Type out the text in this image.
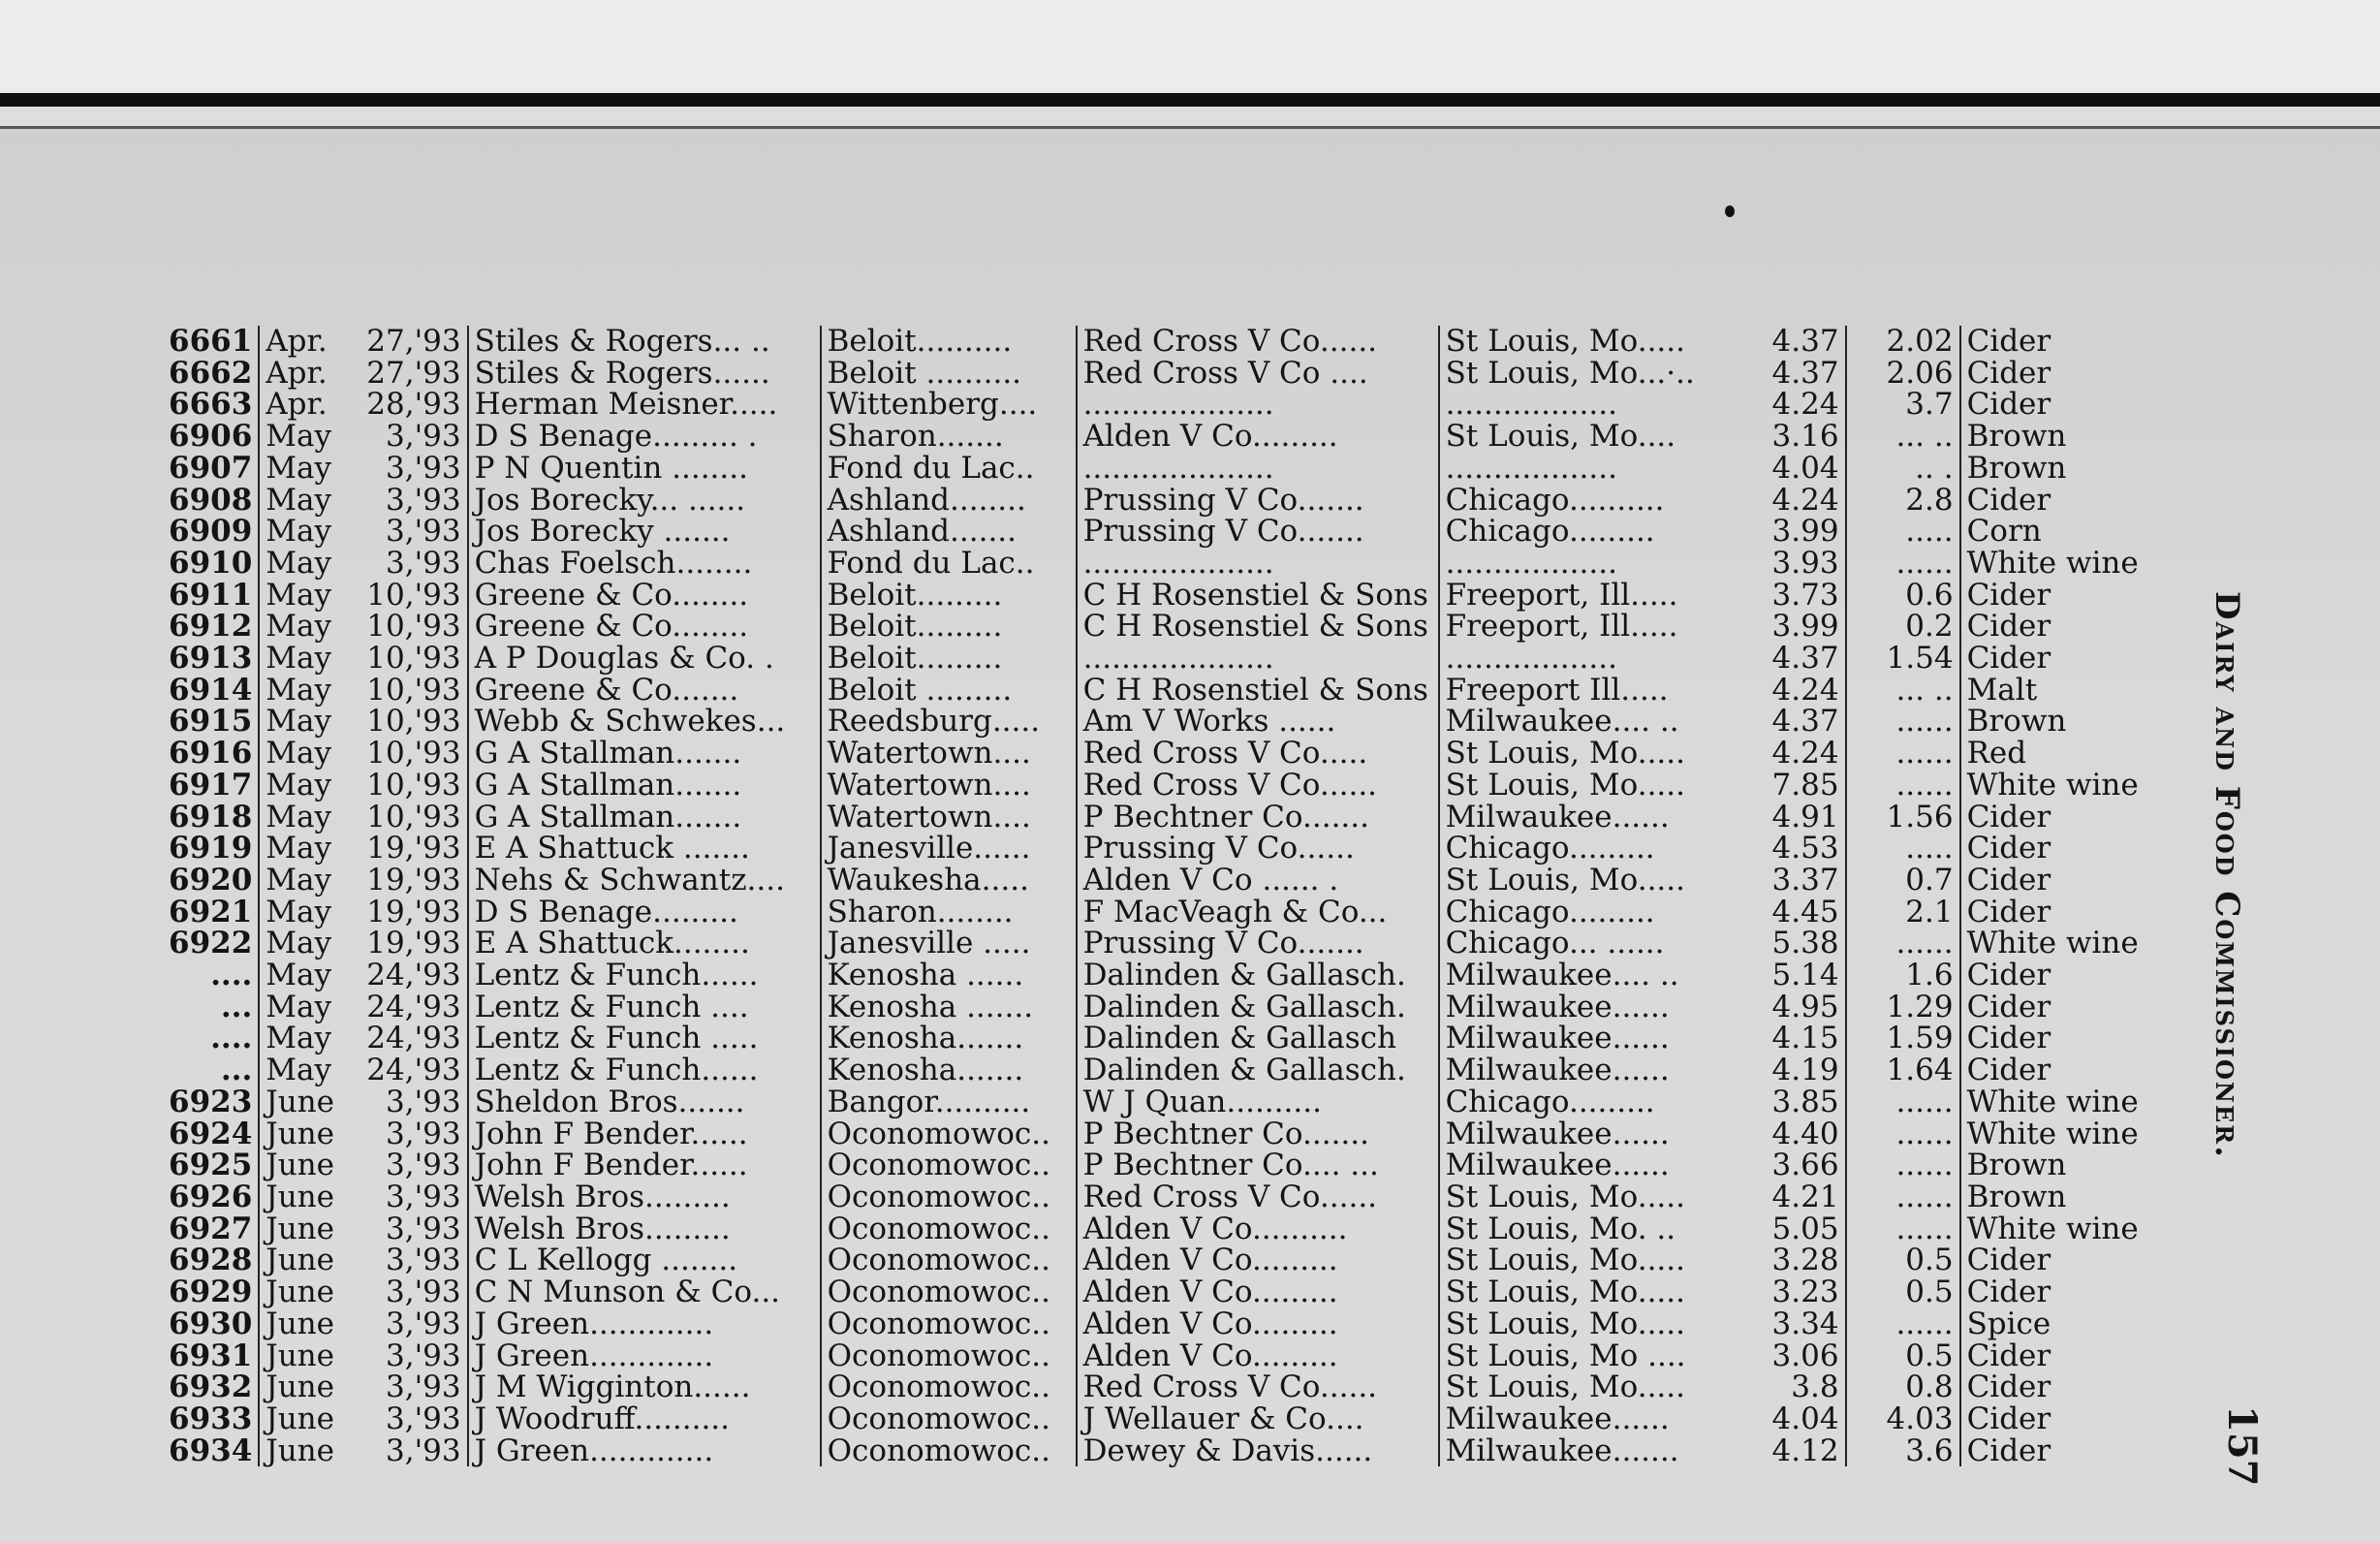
6661	Apr.	27,'93	Stiles & Rogers... ..	Beloit..........	Red Cross V Co......	St Louis, Mo.....	4.37	2.02	Cider
6662	Apr.	27,'93	Stiles & Rogers......	Beloit ..........	Red Cross V Co ....	St Louis, Mo...·..	4.37	2.06	Cider
6663	Apr.	28,'93	Herman Meisner.....	Wittenberg....	....................	..................	4.24	3.7	Cider
6906	May	3,'93	D S Benage......... .	Sharon.......	Alden V Co.........	St Louis, Mo....	3.16	... ..	Brown
6907	May	3,'93	P N Quentin ........	Fond du Lac..	....................	..................	4.04	.. .	Brown
6908	May	3,'93	Jos Borecky... ......	Ashland........	Prussing V Co.......	Chicago..........	4.24	2.8	Cider
6909	May	3,'93	Jos Borecky .......	Ashland.......	Prussing V Co.......	Chicago.........	3.99	.....	Corn
6910	May	3,'93	Chas Foelsch........	Fond du Lac..	....................	..................	3.93	......	White wine
6911	May	10,'93	Greene & Co........	Beloit.........	C H Rosenstiel & Sons	Freeport, Ill.....	3.73	0.6	Cider
6912	May	10,'93	Greene & Co........	Beloit.........	C H Rosenstiel & Sons	Freeport, Ill.....	3.99	0.2	Cider
6913	May	10,'93	A P Douglas & Co. .	Beloit.........	....................	..................	4.37	1.54	Cider
6914	May	10,'93	Greene & Co.......	Beloit .........	C H Rosenstiel & Sons	Freeport Ill.....	4.24	... ..	Malt
6915	May	10,'93	Webb & Schwekes...	Reedsburg.....	Am V Works ......	Milwaukee.... ..	4.37	......	Brown
6916	May	10,'93	G A Stallman.......	Watertown....	Red Cross V Co.....	St Louis, Mo.....	4.24	......	Red
6917	May	10,'93	G A Stallman.......	Watertown....	Red Cross V Co......	St Louis, Mo.....	7.85	......	White wine
6918	May	10,'93	G A Stallman.......	Watertown....	P Bechtner Co.......	Milwaukee......	4.91	1.56	Cider
6919	May	19,'93	E A Shattuck .......	Janesville......	Prussing V Co......	Chicago.........	4.53	.....	Cider
6920	May	19,'93	Nehs & Schwantz....	Waukesha.....	Alden V Co ...... .	St Louis, Mo.....	3.37	0.7	Cider
6921	May	19,'93	D S Benage.........	Sharon........	F MacVeagh & Co...	Chicago.........	4.45	2.1	Cider
6922	May	19,'93	E A Shattuck........	Janesville .....	Prussing V Co.......	Chicago... ......	5.38	......	White wine
....	May	24,'93	Lentz & Funch......	Kenosha ......	Dalinden & Gallasch.	Milwaukee.... ..	5.14	1.6	Cider
...	May	24,'93	Lentz & Funch ....	Kenosha .......	Dalinden & Gallasch.	Milwaukee......	4.95	1.29	Cider
....	May	24,'93	Lentz & Funch .....	Kenosha.......	Dalinden & Gallasch	Milwaukee......	4.15	1.59	Cider
...	May	24,'93	Lentz & Funch......	Kenosha.......	Dalinden & Gallasch.	Milwaukee......	4.19	1.64	Cider
6923	June	3,'93	Sheldon Bros.......	Bangor..........	W J Quan..........	Chicago.........	3.85	......	White wine
6924	June	3,'93	John F Bender......	Oconomowoc..	P Bechtner Co.......	Milwaukee......	4.40	......	White wine
6925	June	3,'93	John F Bender......	Oconomowoc..	P Bechtner Co.... ...	Milwaukee......	3.66	......	Brown
6926	June	3,'93	Welsh Bros.........	Oconomowoc..	Red Cross V Co......	St Louis, Mo.....	4.21	......	Brown
6927	June	3,'93	Welsh Bros.........	Oconomowoc..	Alden V Co..........	St Louis, Mo. ..	5.05	......	White wine
6928	June	3,'93	C L Kellogg ........	Oconomowoc..	Alden V Co.........	St Louis, Mo.....	3.28	0.5	Cider
6929	June	3,'93	C N Munson & Co...	Oconomowoc..	Alden V Co.........	St Louis, Mo.....	3.23	0.5	Cider
6930	June	3,'93	J Green.............	Oconomowoc..	Alden V Co.........	St Louis, Mo.....	3.34	......	Spice
6931	June	3,'93	J Green.............	Oconomowoc..	Alden V Co.........	St Louis, Mo ....	3.06	0.5	Cider
6932	June	3,'93	J M Wigginton......	Oconomowoc..	Red Cross V Co......	St Louis, Mo.....	3.8	0.8	Cider
6933	June	3,'93	J Woodruff..........	Oconomowoc..	J Wellauer & Co....	Milwaukee......	4.04	4.03	Cider
6934	June	3,'93	J Green.............	Oconomowoc..	Dewey & Davis......	Milwaukee.......	4.12	3.6	Cider
Dairy and Food Commissioner.
157
